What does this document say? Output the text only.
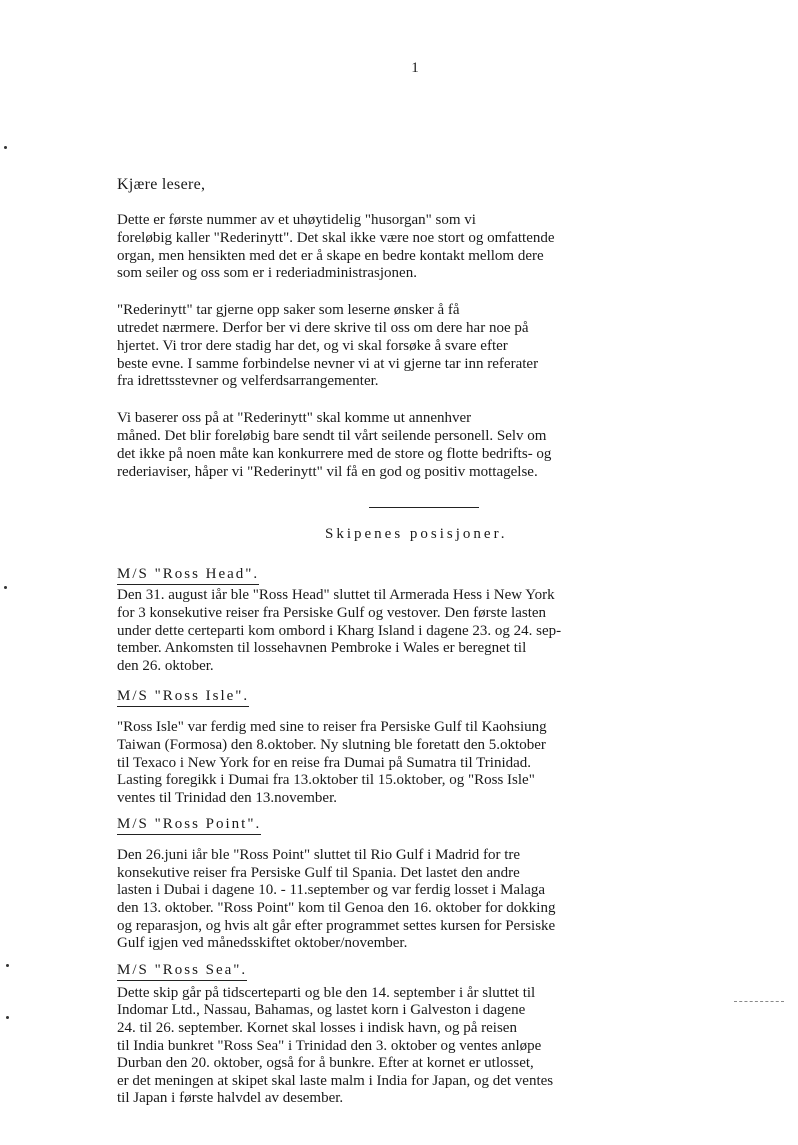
1

Kjære lesere,

Dette er første nummer av et uhøytidelig "husorgan" som vi
foreløbig kaller "Rederinytt". Det skal ikke være noe stort og omfattende
organ, men hensikten med det er å skape en bedre kontakt mellom dere
som seiler og oss som er i rederiadministrasjonen.

"Rederinytt" tar gjerne opp saker som leserne ønsker å få
utredet nærmere. Derfor ber vi dere skrive til oss om dere har noe på
hjertet. Vi tror dere stadig har det, og vi skal forsøke å svare efter
beste evne. I samme forbindelse nevner vi at vi gjerne tar inn referater
fra idrettsstevner og velferdsarrangementer.

Vi baserer oss på at "Rederinytt" skal komme ut annenhver
måned. Det blir foreløbig bare sendt til vårt seilende personell. Selv om
det ikke på noen måte kan konkurrere med de store og flotte bedrifts- og
rederiaviser, håper vi "Rederinytt" vil få en god og positiv mottagelse.

Skipenes posisjoner.

M/S "Ross Head".

Den 31. august iår ble "Ross Head" sluttet til Armerada Hess i New York
for 3 konsekutive reiser fra Persiske Gulf og vestover. Den første lasten
under dette certeparti kom ombord i Kharg Island i dagene 23. og 24. sep-
tember. Ankomsten til lossehavnen Pembroke i Wales er beregnet til
den 26. oktober.

M/S "Ross Isle".

"Ross Isle" var ferdig med sine to reiser fra Persiske Gulf til Kaohsiung
Taiwan (Formosa) den 8.oktober. Ny slutning ble foretatt den 5.oktober
til Texaco i New York for en reise fra Dumai på Sumatra til Trinidad.
Lasting foregikk i Dumai fra 13.oktober til 15.oktober, og "Ross Isle"
ventes til Trinidad den 13.november.

M/S "Ross Point".

Den 26.juni iår ble "Ross Point" sluttet til Rio Gulf i Madrid for tre
konsekutive reiser fra Persiske Gulf til Spania. Det lastet den andre
lasten i Dubai i dagene 10. - 11.september og var ferdig losset i Malaga
den 13. oktober. "Ross Point" kom til Genoa den 16. oktober for dokking
og reparasjon, og hvis alt går efter programmet settes kursen for Persiske
Gulf igjen ved månedsskiftet oktober/november.

M/S "Ross Sea".

Dette skip går på tidscerteparti og ble den 14. september i år sluttet til
Indomar Ltd., Nassau, Bahamas, og lastet korn i Galveston i dagene
24. til 26. september. Kornet skal losses i indisk havn, og på reisen
til India bunkret "Ross Sea" i Trinidad den 3. oktober og ventes anløpe
Durban den 20. oktober, også for å bunkre. Efter at kornet er utlosset,
er det meningen at skipet skal laste malm i India for Japan, og det ventes
til Japan i første halvdel av desember.
